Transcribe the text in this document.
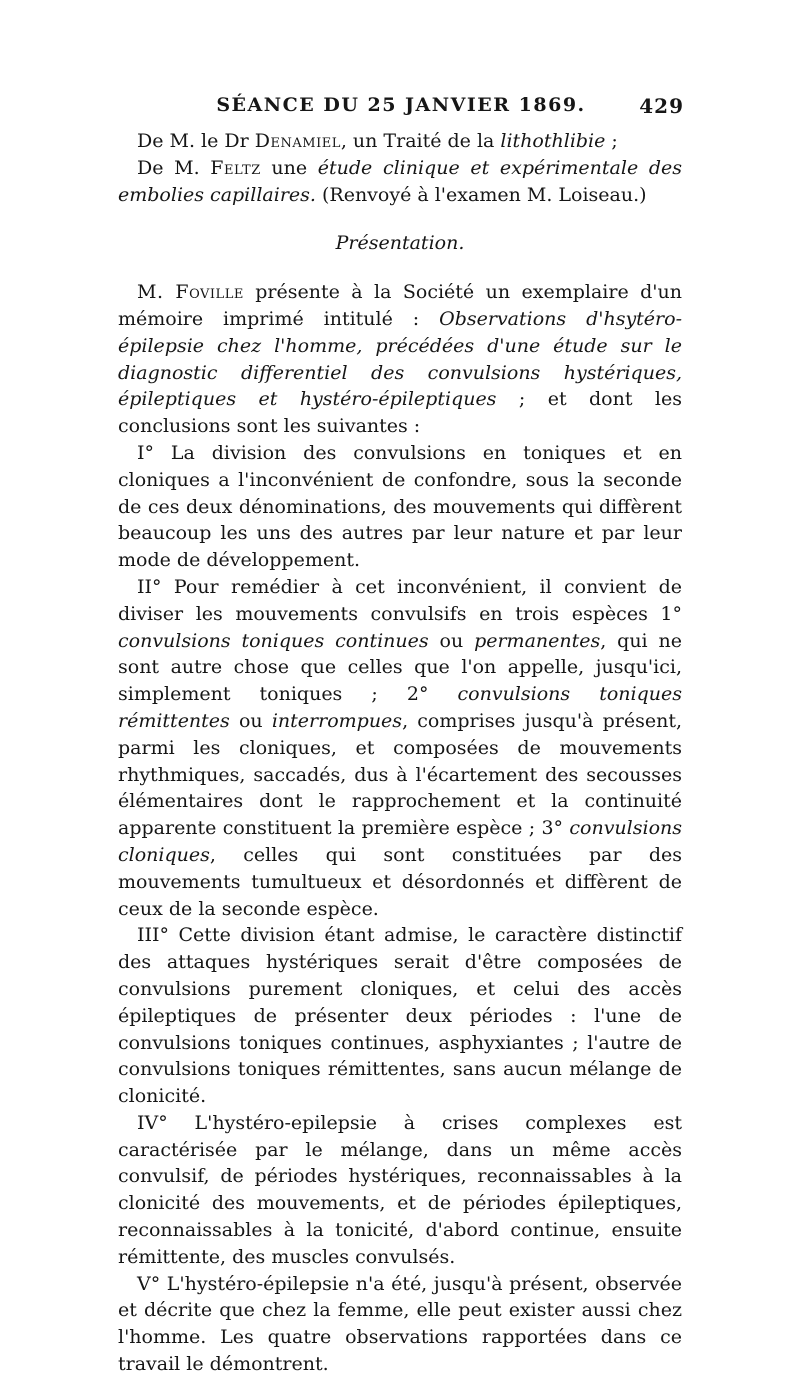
SÉANCE DU 25 JANVIER 1869.	429

De M. le Dr Denamiel, un Traité de la lithothlibie ;

De M. Feltz une étude clinique et expérimentale des embolies capillaires. (Renvoyé à l'examen M. Loiseau.)

Présentation.

M. Foville présente à la Société un exemplaire d'un mémoire imprimé intitulé : Observations d'hsytéro-épilepsie chez l'homme, précédées d'une étude sur le diagnostic differentiel des convulsions hystériques, épileptiques et hystéro-épileptiques ; et dont les conclusions sont les suivantes :

I° La division des convulsions en toniques et en cloniques a l'inconvénient de confondre, sous la seconde de ces deux dénominations, des mouvements qui diffèrent beaucoup les uns des autres par leur nature et par leur mode de développement.

II° Pour remédier à cet inconvénient, il convient de diviser les mouvements convulsifs en trois espèces 1° convulsions toniques continues ou permanentes, qui ne sont autre chose que celles que l'on appelle, jusqu'ici, simplement toniques ; 2° convulsions toniques rémittentes ou interrompues, comprises jusqu'à présent, parmi les cloniques, et composées de mouvements rhythmiques, saccadés, dus à l'écartement des secousses élémentaires dont le rapprochement et la continuité apparente constituent la première espèce ; 3° convulsions cloniques, celles qui sont constituées par des mouvements tumultueux et désordonnés et diffèrent de ceux de la seconde espèce.

III° Cette division étant admise, le caractère distinctif des attaques hystériques serait d'être composées de convulsions purement cloniques, et celui des accès épileptiques de présenter deux périodes : l'une de convulsions toniques continues, asphyxiantes ; l'autre de convulsions toniques rémittentes, sans aucun mélange de clonicité.

IV° L'hystéro-epilepsie à crises complexes est caractérisée par le mélange, dans un même accès convulsif, de périodes hystériques, reconnaissables à la clonicité des mouvements, et de périodes épileptiques, reconnaissables à la tonicité, d'abord continue, ensuite rémittente, des muscles convulsés.

V° L'hystéro-épilepsie n'a été, jusqu'à présent, observée et décrite que chez la femme, elle peut exister aussi chez l'homme. Les quatre observations rapportées dans ce travail le démontrent.
